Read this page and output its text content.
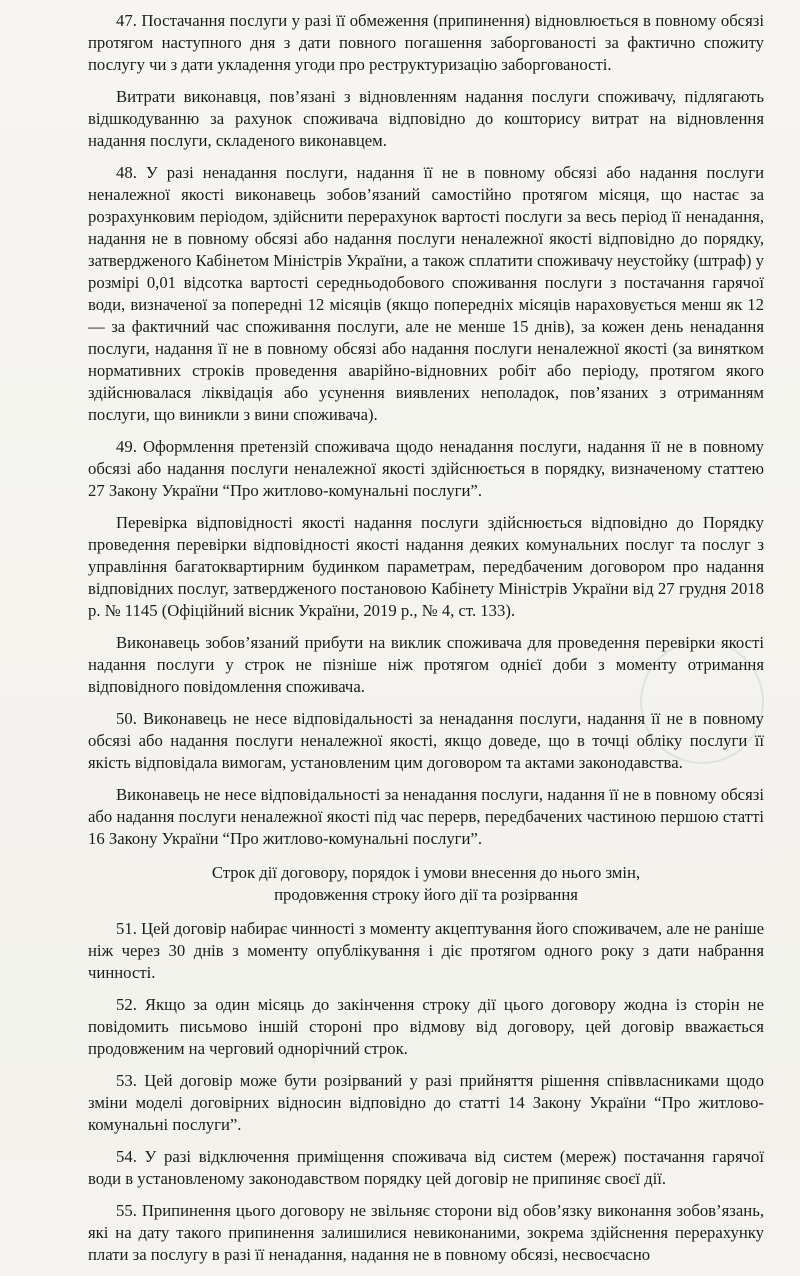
47. Постачання послуги у разі її обмеження (припинення) відновлюється в повному обсязі протягом наступного дня з дати повного погашення заборгованості за фактично спожиту послугу чи з дати укладення угоди про реструктуризацію заборгованості.

Витрати виконавця, пов’язані з відновленням надання послуги споживачу, підлягають відшкодуванню за рахунок споживача відповідно до кошторису витрат на відновлення надання послуги, складеного виконавцем.

48. У разі ненадання послуги, надання її не в повному обсязі або надання послуги неналежної якості виконавець зобов’язаний самостійно протягом місяця, що настає за розрахунковим періодом, здійснити перерахунок вартості послуги за весь період її ненадання, надання не в повному обсязі або надання послуги неналежної якості відповідно до порядку, затвердженого Кабінетом Міністрів України, а також сплатити споживачу неустойку (штраф) у розмірі 0,01 відсотка вартості середньодобового споживання послуги з постачання гарячої води, визначеної за попередні 12 місяців (якщо попередніх місяців нараховується менш як 12 — за фактичний час споживання послуги, але не менше 15 днів), за кожен день ненадання послуги, надання її не в повному обсязі або надання послуги неналежної якості (за винятком нормативних строків проведення аварійно-відновних робіт або періоду, протягом якого здійснювалася ліквідація або усунення виявлених неполадок, пов’язаних з отриманням послуги, що виникли з вини споживача).

49. Оформлення претензій споживача щодо ненадання послуги, надання її не в повному обсязі або надання послуги неналежної якості здійснюється в порядку, визначеному статтею 27 Закону України “Про житлово-комунальні послуги”.

Перевірка відповідності якості надання послуги здійснюється відповідно до Порядку проведення перевірки відповідності якості надання деяких комунальних послуг та послуг з управління багатоквартирним будинком параметрам, передбаченим договором про надання відповідних послуг, затвердженого постановою Кабінету Міністрів України від 27 грудня 2018 р. № 1145 (Офіційний вісник України, 2019 р., № 4, ст. 133).

Виконавець зобов’язаний прибути на виклик споживача для проведення перевірки якості надання послуги у строк не пізніше ніж протягом однієї доби з моменту отримання відповідного повідомлення споживача.

50. Виконавець не несе відповідальності за ненадання послуги, надання її не в повному обсязі або надання послуги неналежної якості, якщо доведе, що в точці обліку послуги її якість відповідала вимогам, установленим цим договором та актами законодавства.

Виконавець не несе відповідальності за ненадання послуги, надання її не в повному обсязі або надання послуги неналежної якості під час перерв, передбачених частиною першою статті 16 Закону України “Про житлово-комунальні послуги”.

Строк дії договору, порядок і умови внесення до нього змін,
продовження строку його дії та розірвання

51. Цей договір набирає чинності з моменту акцептування його споживачем, але не раніше ніж через 30 днів з моменту опублікування і діє протягом одного року з дати набрання чинності.

52. Якщо за один місяць до закінчення строку дії цього договору жодна із сторін не повідомить письмово іншій стороні про відмову від договору, цей договір вважається продовженим на черговий однорічний строк.

53. Цей договір може бути розірваний у разі прийняття рішення співвласниками щодо зміни моделі договірних відносин відповідно до статті 14 Закону України “Про житлово-комунальні послуги”.

54. У разі відключення приміщення споживача від систем (мереж) постачання гарячої води в установленому законодавством порядку цей договір не припиняє своєї дії.

55. Припинення цього договору не звільняє сторони від обов’язку виконання зобов’язань, які на дату такого припинення залишилися невиконаними, зокрема здійснення перерахунку плати за послугу в разі її ненадання, надання не в повному обсязі, несвоєчасно
